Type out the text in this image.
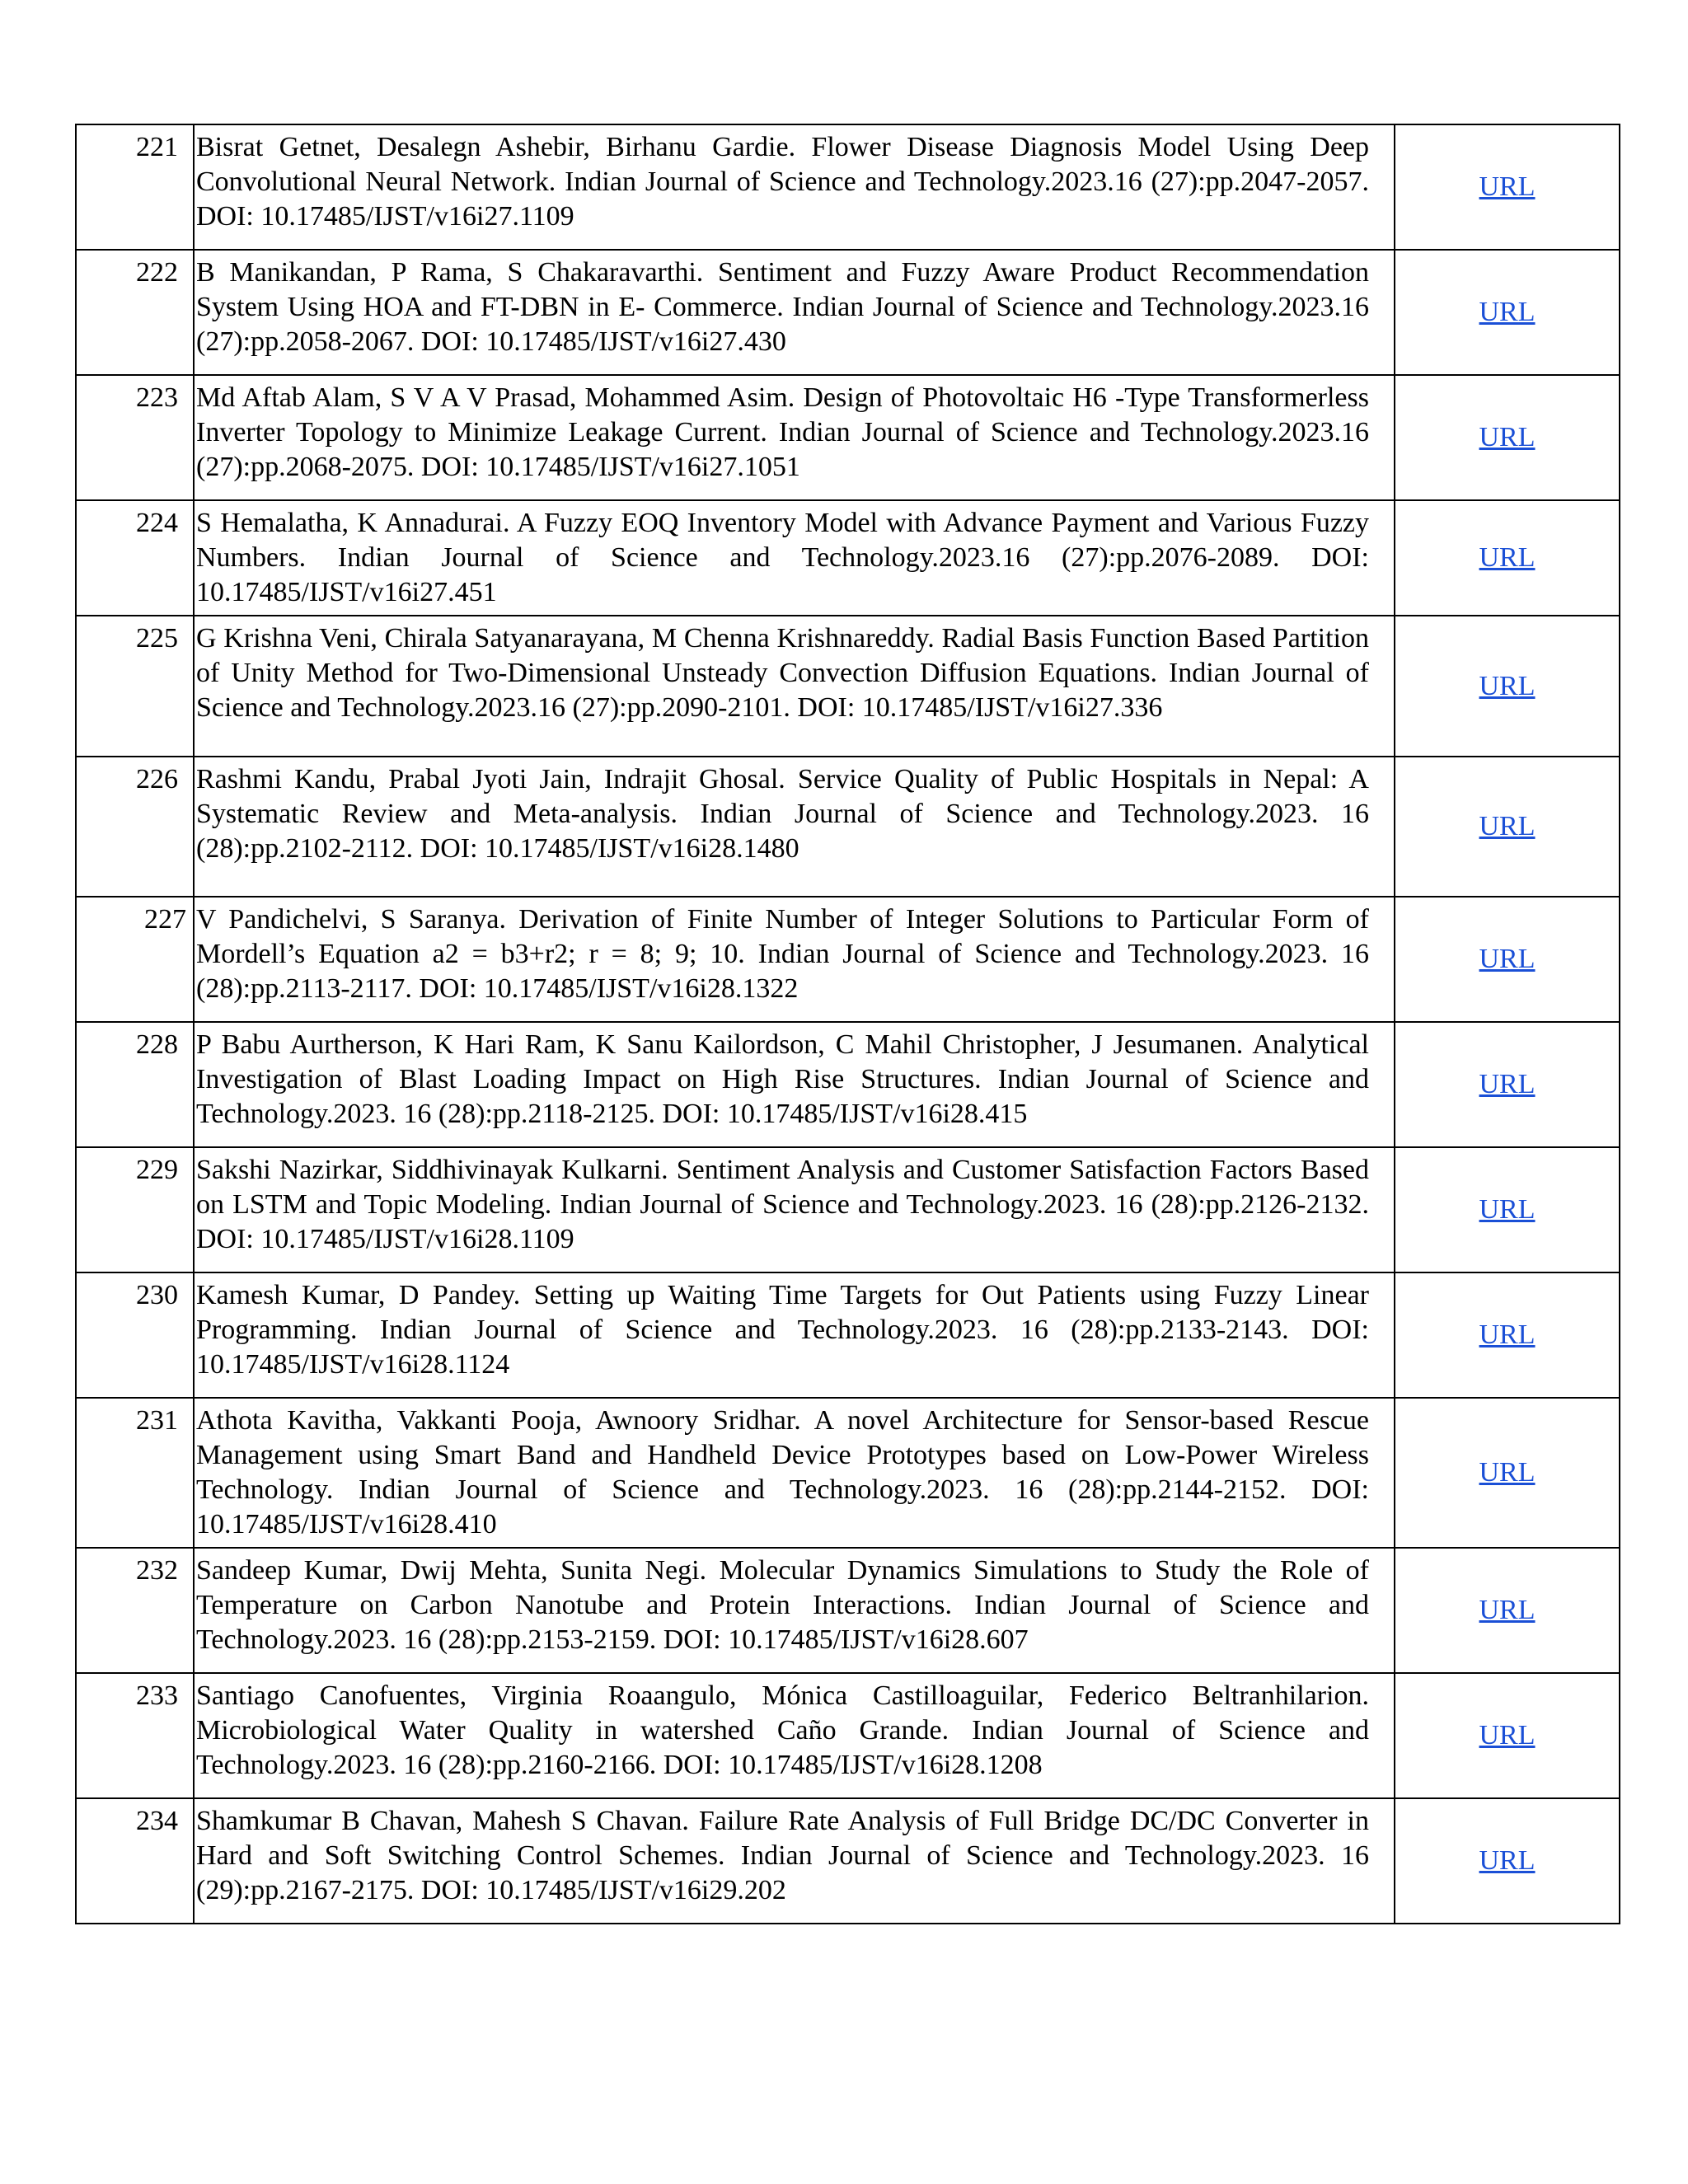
221	Bisrat Getnet, Desalegn Ashebir, Birhanu Gardie. Flower Disease Diagnosis Model Using Deep Convolutional Neural Network. Indian Journal of Science and Technology.2023.16 (27):pp.2047-2057. DOI: 10.17485/IJST/v16i27.1109	URL
222	B Manikandan, P Rama, S Chakaravarthi. Sentiment and Fuzzy Aware Product Recommendation System Using HOA and FT-DBN in E- Commerce. Indian Journal of Science and Technology.2023.16 (27):pp.2058-2067. DOI: 10.17485/IJST/v16i27.430	URL
223	Md Aftab Alam, S V A V Prasad, Mohammed Asim. Design of Photovoltaic H6 -Type Transformerless Inverter Topology to Minimize Leakage Current. Indian Journal of Science and Technology.2023.16 (27):pp.2068-2075. DOI: 10.17485/IJST/v16i27.1051	URL
224	S Hemalatha, K Annadurai. A Fuzzy EOQ Inventory Model with Advance Payment and Various Fuzzy Numbers. Indian Journal of Science and Technology.2023.16 (27):pp.2076-2089. DOI: 10.17485/IJST/v16i27.451	URL
225	G Krishna Veni, Chirala Satyanarayana, M Chenna Krishnareddy. Radial Basis Function Based Partition of Unity Method for Two-Dimensional Unsteady Convection Diffusion Equations. Indian Journal of Science and Technology.2023.16 (27):pp.2090-2101. DOI: 10.17485/IJST/v16i27.336	URL
226	Rashmi Kandu, Prabal Jyoti Jain, Indrajit Ghosal. Service Quality of Public Hospitals in Nepal: A Systematic Review and Meta-analysis. Indian Journal of Science and Technology.2023. 16 (28):pp.2102-2112. DOI: 10.17485/IJST/v16i28.1480	URL
227	V Pandichelvi, S Saranya. Derivation of Finite Number of Integer Solutions to Particular Form of Mordell’s Equation a2 = b3+r2; r = 8; 9; 10. Indian Journal of Science and Technology.2023. 16 (28):pp.2113-2117. DOI: 10.17485/IJST/v16i28.1322	URL
228	P Babu Aurtherson, K Hari Ram, K Sanu Kailordson, C Mahil Christopher, J Jesumanen. Analytical Investigation of Blast Loading Impact on High Rise Structures. Indian Journal of Science and Technology.2023. 16 (28):pp.2118-2125. DOI: 10.17485/IJST/v16i28.415	URL
229	Sakshi Nazirkar, Siddhivinayak Kulkarni. Sentiment Analysis and Customer Satisfaction Factors Based on LSTM and Topic Modeling. Indian Journal of Science and Technology.2023. 16 (28):pp.2126-2132. DOI: 10.17485/IJST/v16i28.1109	URL
230	Kamesh Kumar, D Pandey. Setting up Waiting Time Targets for Out Patients using Fuzzy Linear Programming. Indian Journal of Science and Technology.2023. 16 (28):pp.2133-2143. DOI: 10.17485/IJST/v16i28.1124	URL
231	Athota Kavitha, Vakkanti Pooja, Awnoory Sridhar. A novel Architecture for Sensor-based Rescue Management using Smart Band and Handheld Device Prototypes based on Low-Power Wireless Technology. Indian Journal of Science and Technology.2023. 16 (28):pp.2144-2152. DOI: 10.17485/IJST/v16i28.410	URL
232	Sandeep Kumar, Dwij Mehta, Sunita Negi. Molecular Dynamics Simulations to Study the Role of Temperature on Carbon Nanotube and Protein Interactions. Indian Journal of Science and Technology.2023. 16 (28):pp.2153-2159. DOI: 10.17485/IJST/v16i28.607	URL
233	Santiago Canofuentes, Virginia Roaangulo, Mónica Castilloaguilar, Federico Beltranhilarion. Microbiological Water Quality in watershed Caño Grande. Indian Journal of Science and Technology.2023. 16 (28):pp.2160-2166. DOI: 10.17485/IJST/v16i28.1208	URL
234	Shamkumar B Chavan, Mahesh S Chavan. Failure Rate Analysis of Full Bridge DC/DC Converter in Hard and Soft Switching Control Schemes. Indian Journal of Science and Technology.2023. 16 (29):pp.2167-2175. DOI: 10.17485/IJST/v16i29.202	URL
